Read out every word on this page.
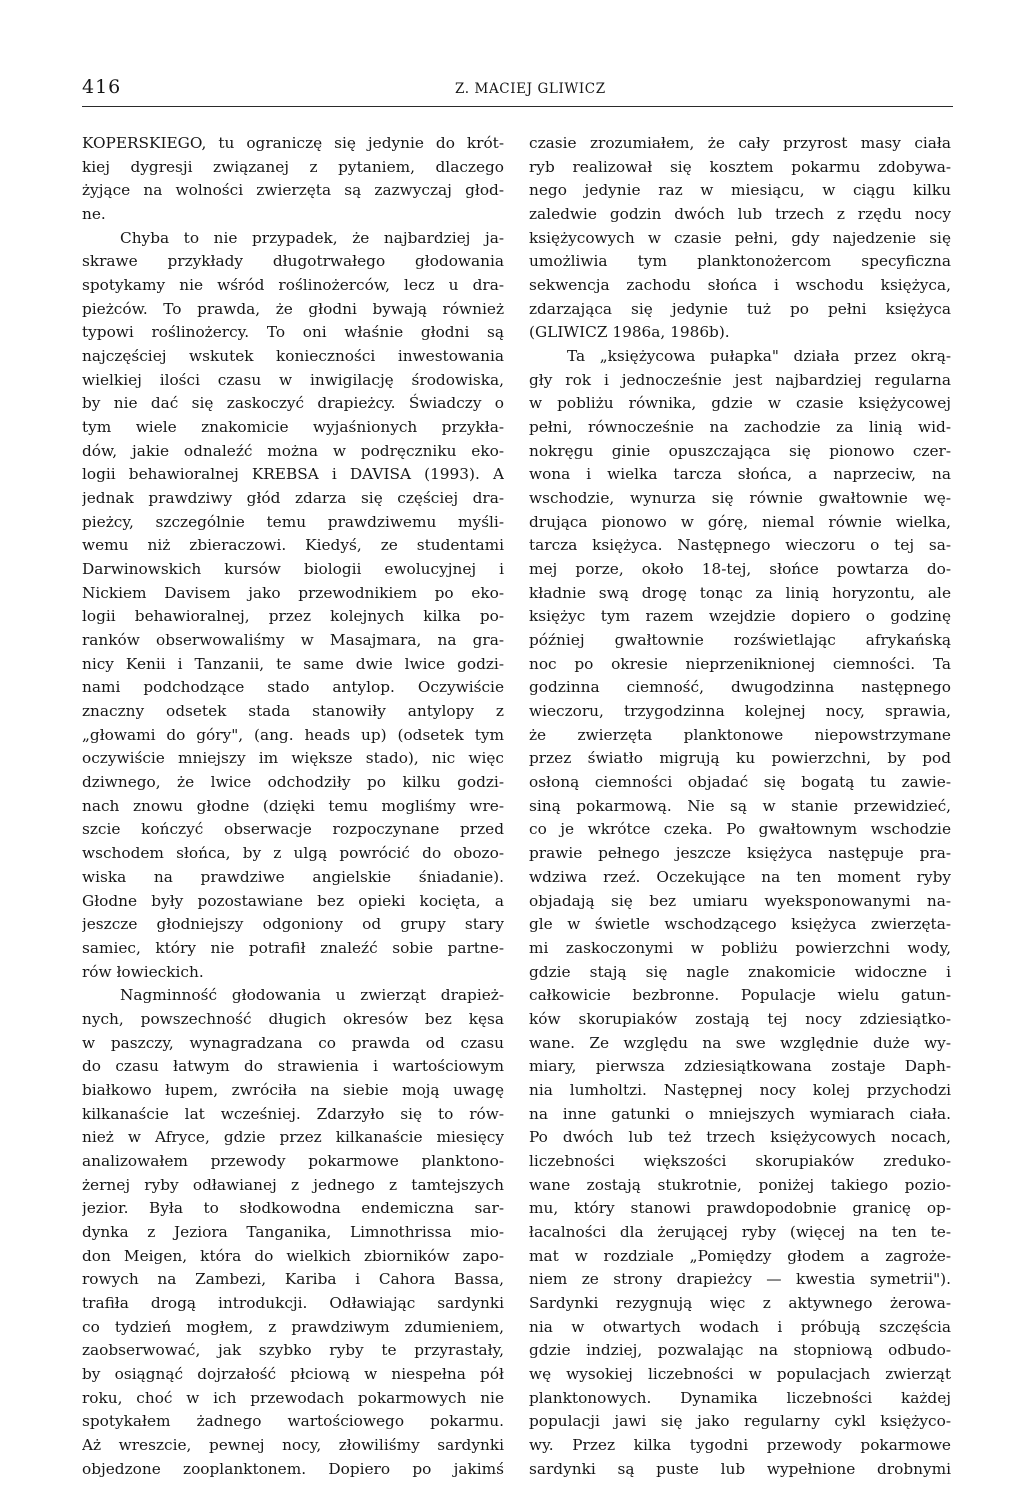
416	Z. MACIEJ GLIWICZ
KOPERSKIEGO, tu ograniczę się jedynie do krót-
kiej dygresji związanej z pytaniem, dlaczego
żyjące na wolności zwierzęta są zazwyczaj głod-
ne.
Chyba to nie przypadek, że najbardziej ja-
skrawe przykłady długotrwałego głodowania
spotykamy nie wśród roślinożerców, lecz u dra-
pieżców. To prawda, że głodni bywają również
typowi roślinożercy. To oni właśnie głodni są
najczęściej wskutek konieczności inwestowania
wielkiej ilości czasu w inwigilację środowiska,
by nie dać się zaskoczyć drapieżcy. Świadczy o
tym wiele znakomicie wyjaśnionych przykła-
dów, jakie odnaleźć można w podręczniku eko-
logii behawioralnej KREBSA i DAVISA (1993). A
jednak prawdziwy głód zdarza się częściej dra-
pieżcy, szczególnie temu prawdziwemu myśli-
wemu niż zbieraczowi. Kiedyś, ze studentami
Darwinowskich kursów biologii ewolucyjnej i
Nickiem Davisem jako przewodnikiem po eko-
logii behawioralnej, przez kolejnych kilka po-
ranków obserwowaliśmy w Masajmara, na gra-
nicy Kenii i Tanzanii, te same dwie lwice godzi-
nami podchodzące stado antylop. Oczywiście
znaczny odsetek stada stanowiły antylopy z
„głowami do góry", (ang. heads up) (odsetek tym
oczywiście mniejszy im większe stado), nic więc
dziwnego, że lwice odchodziły po kilku godzi-
nach znowu głodne (dzięki temu mogliśmy wre-
szcie kończyć obserwacje rozpoczynane przed
wschodem słońca, by z ulgą powrócić do obozo-
wiska na prawdziwe angielskie śniadanie).
Głodne były pozostawiane bez opieki kocięta, a
jeszcze głodniejszy odgoniony od grupy stary
samiec, który nie potrafił znaleźć sobie partne-
rów łowieckich.
Nagminność głodowania u zwierząt drapież-
nych, powszechność długich okresów bez kęsa
w paszczy, wynagradzana co prawda od czasu
do czasu łatwym do strawienia i wartościowym
białkowo łupem, zwróciła na siebie moją uwagę
kilkanaście lat wcześniej. Zdarzyło się to rów-
nież w Afryce, gdzie przez kilkanaście miesięcy
analizowałem przewody pokarmowe planktono-
żernej ryby odławianej z jednego z tamtejszych
jezior. Była to słodkowodna endemiczna sar-
dynka z Jeziora Tanganika, Limnothrissa mio-
don Meigen, która do wielkich zbiorników zapo-
rowych na Zambezi, Kariba i Cahora Bassa,
trafiła drogą introdukcji. Odławiając sardynki
co tydzień mogłem, z prawdziwym zdumieniem,
zaobserwować, jak szybko ryby te przyrastały,
by osiągnąć dojrzałość płciową w niespełna pół
roku, choć w ich przewodach pokarmowych nie
spotykałem żadnego wartościowego pokarmu.
Aż wreszcie, pewnej nocy, złowiliśmy sardynki
objedzone zooplanktonem. Dopiero po jakimś
czasie zrozumiałem, że cały przyrost masy ciała
ryb realizował się kosztem pokarmu zdobywa-
nego jedynie raz w miesiącu, w ciągu kilku
zaledwie godzin dwóch lub trzech z rzędu nocy
księżycowych w czasie pełni, gdy najedzenie się
umożliwia tym planktonożercom specyficzna
sekwencja zachodu słońca i wschodu księżyca,
zdarzająca się jedynie tuż po pełni księżyca
(GLIWICZ 1986a, 1986b).
Ta „księżycowa pułapka" działa przez okrą-
gły rok i jednocześnie jest najbardziej regularna
w pobliżu równika, gdzie w czasie księżycowej
pełni, równocześnie na zachodzie za linią wid-
nokręgu ginie opuszczająca się pionowo czer-
wona i wielka tarcza słońca, a naprzeciw, na
wschodzie, wynurza się równie gwałtownie wę-
drująca pionowo w górę, niemal równie wielka,
tarcza księżyca. Następnego wieczoru o tej sa-
mej porze, około 18-tej, słońce powtarza do-
kładnie swą drogę tonąc za linią horyzontu, ale
księżyc tym razem wzejdzie dopiero o godzinę
później gwałtownie rozświetlając afrykańską
noc po okresie nieprzeniknionej ciemności. Ta
godzinna ciemność, dwugodzinna następnego
wieczoru, trzygodzinna kolejnej nocy, sprawia,
że zwierzęta planktonowe niepowstrzymane
przez światło migrują ku powierzchni, by pod
osłoną ciemności objadać się bogatą tu zawie-
siną pokarmową. Nie są w stanie przewidzieć,
co je wkrótce czeka. Po gwałtownym wschodzie
prawie pełnego jeszcze księżyca następuje pra-
wdziwa rzeź. Oczekujące na ten moment ryby
objadają się bez umiaru wyeksponowanymi na-
gle w świetle wschodzącego księżyca zwierzęta-
mi zaskoczonymi w pobliżu powierzchni wody,
gdzie stają się nagle znakomicie widoczne i
całkowicie bezbronne. Populacje wielu gatun-
ków skorupiaków zostają tej nocy zdziesiątko-
wane. Ze względu na swe względnie duże wy-
miary, pierwsza zdziesiątkowana zostaje Daph-
nia lumholtzi. Następnej nocy kolej przychodzi
na inne gatunki o mniejszych wymiarach ciała.
Po dwóch lub też trzech księżycowych nocach,
liczebności większości skorupiaków zreduko-
wane zostają stukrotnie, poniżej takiego pozio-
mu, który stanowi prawdopodobnie granicę op-
łacalności dla żerującej ryby (więcej na ten te-
mat w rozdziale „Pomiędzy głodem a zagroże-
niem ze strony drapieżcy — kwestia symetrii").
Sardynki rezygnują więc z aktywnego żerowa-
nia w otwartych wodach i próbują szczęścia
gdzie indziej, pozwalając na stopniową odbudo-
wę wysokiej liczebności w populacjach zwierząt
planktonowych. Dynamika liczebności każdej
populacji jawi się jako regularny cykl księżyco-
wy. Przez kilka tygodni przewody pokarmowe
sardynki są puste lub wypełnione drobnymi
